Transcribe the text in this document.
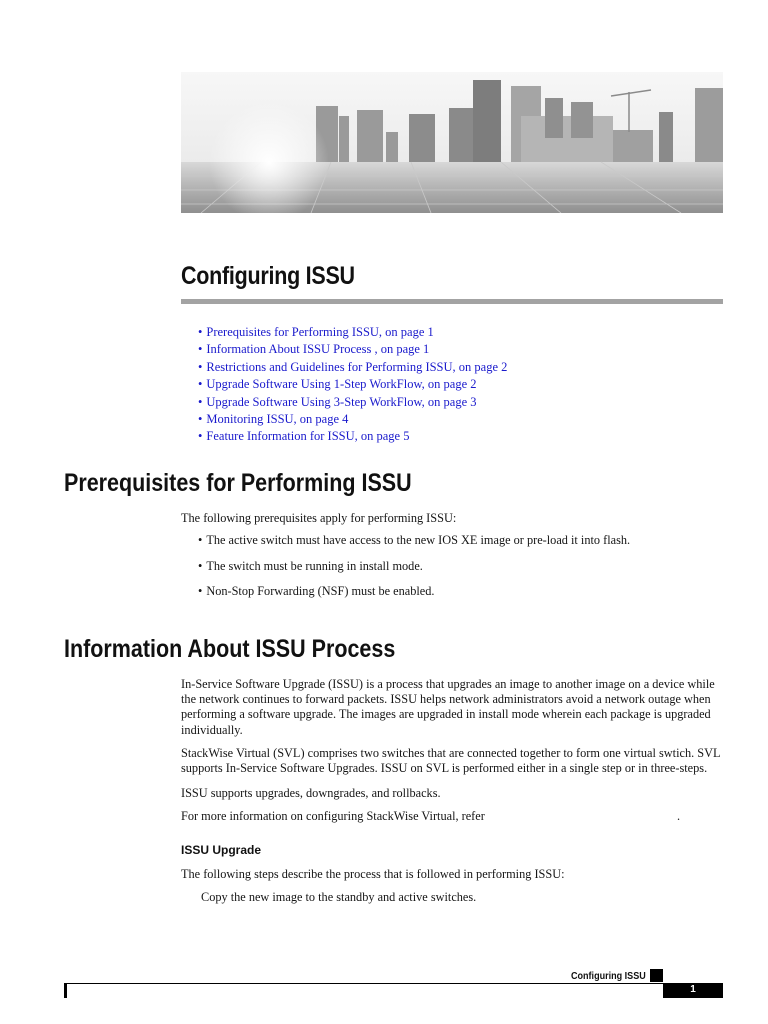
Configuring ISSU
• Prerequisites for Performing ISSU, on page 1
• Information About ISSU Process , on page 1
• Restrictions and Guidelines for Performing ISSU, on page 2
• Upgrade Software Using 1-Step WorkFlow, on page 2
• Upgrade Software Using 3-Step WorkFlow, on page 3
• Monitoring ISSU, on page 4
• Feature Information for ISSU, on page 5
Prerequisites for Performing ISSU
The following prerequisites apply for performing ISSU:
• The active switch must have access to the new IOS XE image or pre-load it into flash.
• The switch must be running in install mode.
• Non-Stop Forwarding (NSF) must be enabled.
Information About ISSU Process
In-Service Software Upgrade (ISSU) is a process that upgrades an image to another image on a device while the network continues to forward packets. ISSU helps network administrators avoid a network outage when performing a software upgrade. The images are upgraded in install mode wherein each package is upgraded individually.
StackWise Virtual (SVL) comprises two switches that are connected together to form one virtual swtich. SVL supports In-Service Software Upgrades. ISSU on SVL is performed either in a single step or in three-steps.
ISSU supports upgrades, downgrades, and rollbacks.
For more information on configuring StackWise Virtual, refer	.
ISSU Upgrade
The following steps describe the process that is followed in performing ISSU:
Copy the new image to the standby and active switches.
Configuring ISSU
1
